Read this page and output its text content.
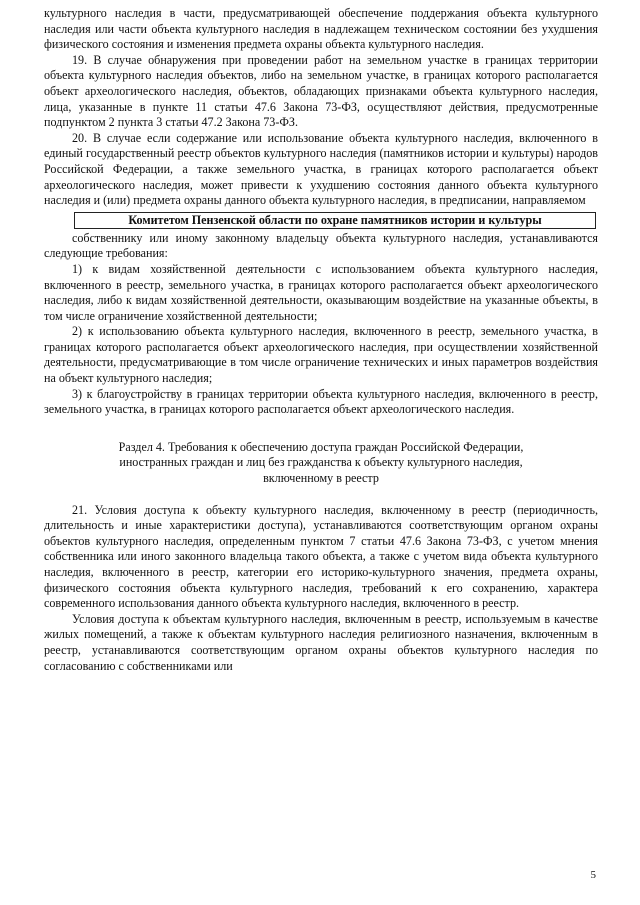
культурного наследия в части, предусматривающей обеспечение поддержания объекта культурного наследия или части объекта культурного наследия в надлежащем техническом состоянии без ухудшения физического состояния и изменения предмета охраны объекта культурного наследия.

19. В случае обнаружения при проведении работ на земельном участке в границах территории объекта культурного наследия объектов, либо на земельном участке, в границах которого располагается объект археологического наследия, объектов, обладающих признаками объекта культурного наследия, лица, указанные в пункте 11 статьи 47.6 Закона 73-ФЗ, осуществляют действия, предусмотренные подпунктом 2 пункта 3 статьи 47.2 Закона 73-ФЗ.

20. В случае если содержание или использование объекта культурного наследия, включенного в единый государственный реестр объектов культурного наследия (памятников истории и культуры) народов Российской Федерации, а также земельного участка, в границах которого располагается объект археологического наследия, может привести к ухудшению состояния данного объекта культурного наследия и (или) предмета охраны данного объекта культурного наследия, в предписании, направляемом

Комитетом Пензенской области по охране памятников истории и культуры

собственнику или иному законному владельцу объекта культурного наследия, устанавливаются следующие требования:

1) к видам хозяйственной деятельности с использованием объекта культурного наследия, включенного в реестр, земельного участка, в границах которого располагается объект археологического наследия, либо к видам хозяйственной деятельности, оказывающим воздействие на указанные объекты, в том числе ограничение хозяйственной деятельности;

2) к использованию объекта культурного наследия, включенного в реестр, земельного участка, в границах которого располагается объект археологического наследия, при осуществлении хозяйственной деятельности, предусматривающие в том числе ограничение технических и иных параметров воздействия на объект культурного наследия;

3) к благоустройству в границах территории объекта культурного наследия, включенного в реестр, земельного участка, в границах которого располагается объект археологического наследия.

Раздел 4. Требования к обеспечению доступа граждан Российской Федерации,
иностранных граждан и лиц без гражданства к объекту культурного наследия,
включенному в реестр

21. Условия доступа к объекту культурного наследия, включенному в реестр (периодичность, длительность и иные характеристики доступа), устанавливаются соответствующим органом охраны объектов культурного наследия, определенным пунктом 7 статьи 47.6 Закона 73-ФЗ, с учетом мнения собственника или иного законного владельца такого объекта, а также с учетом вида объекта культурного наследия, включенного в реестр, категории его историко-культурного значения, предмета охраны, физического состояния объекта культурного наследия, требований к его сохранению, характера современного использования данного объекта культурного наследия, включенного в реестр.

Условия доступа к объектам культурного наследия, включенным в реестр, используемым в качестве жилых помещений, а также к объектам культурного наследия религиозного назначения, включенным в реестр, устанавливаются соответствующим органом охраны объектов культурного наследия по согласованию с собственниками или

5
